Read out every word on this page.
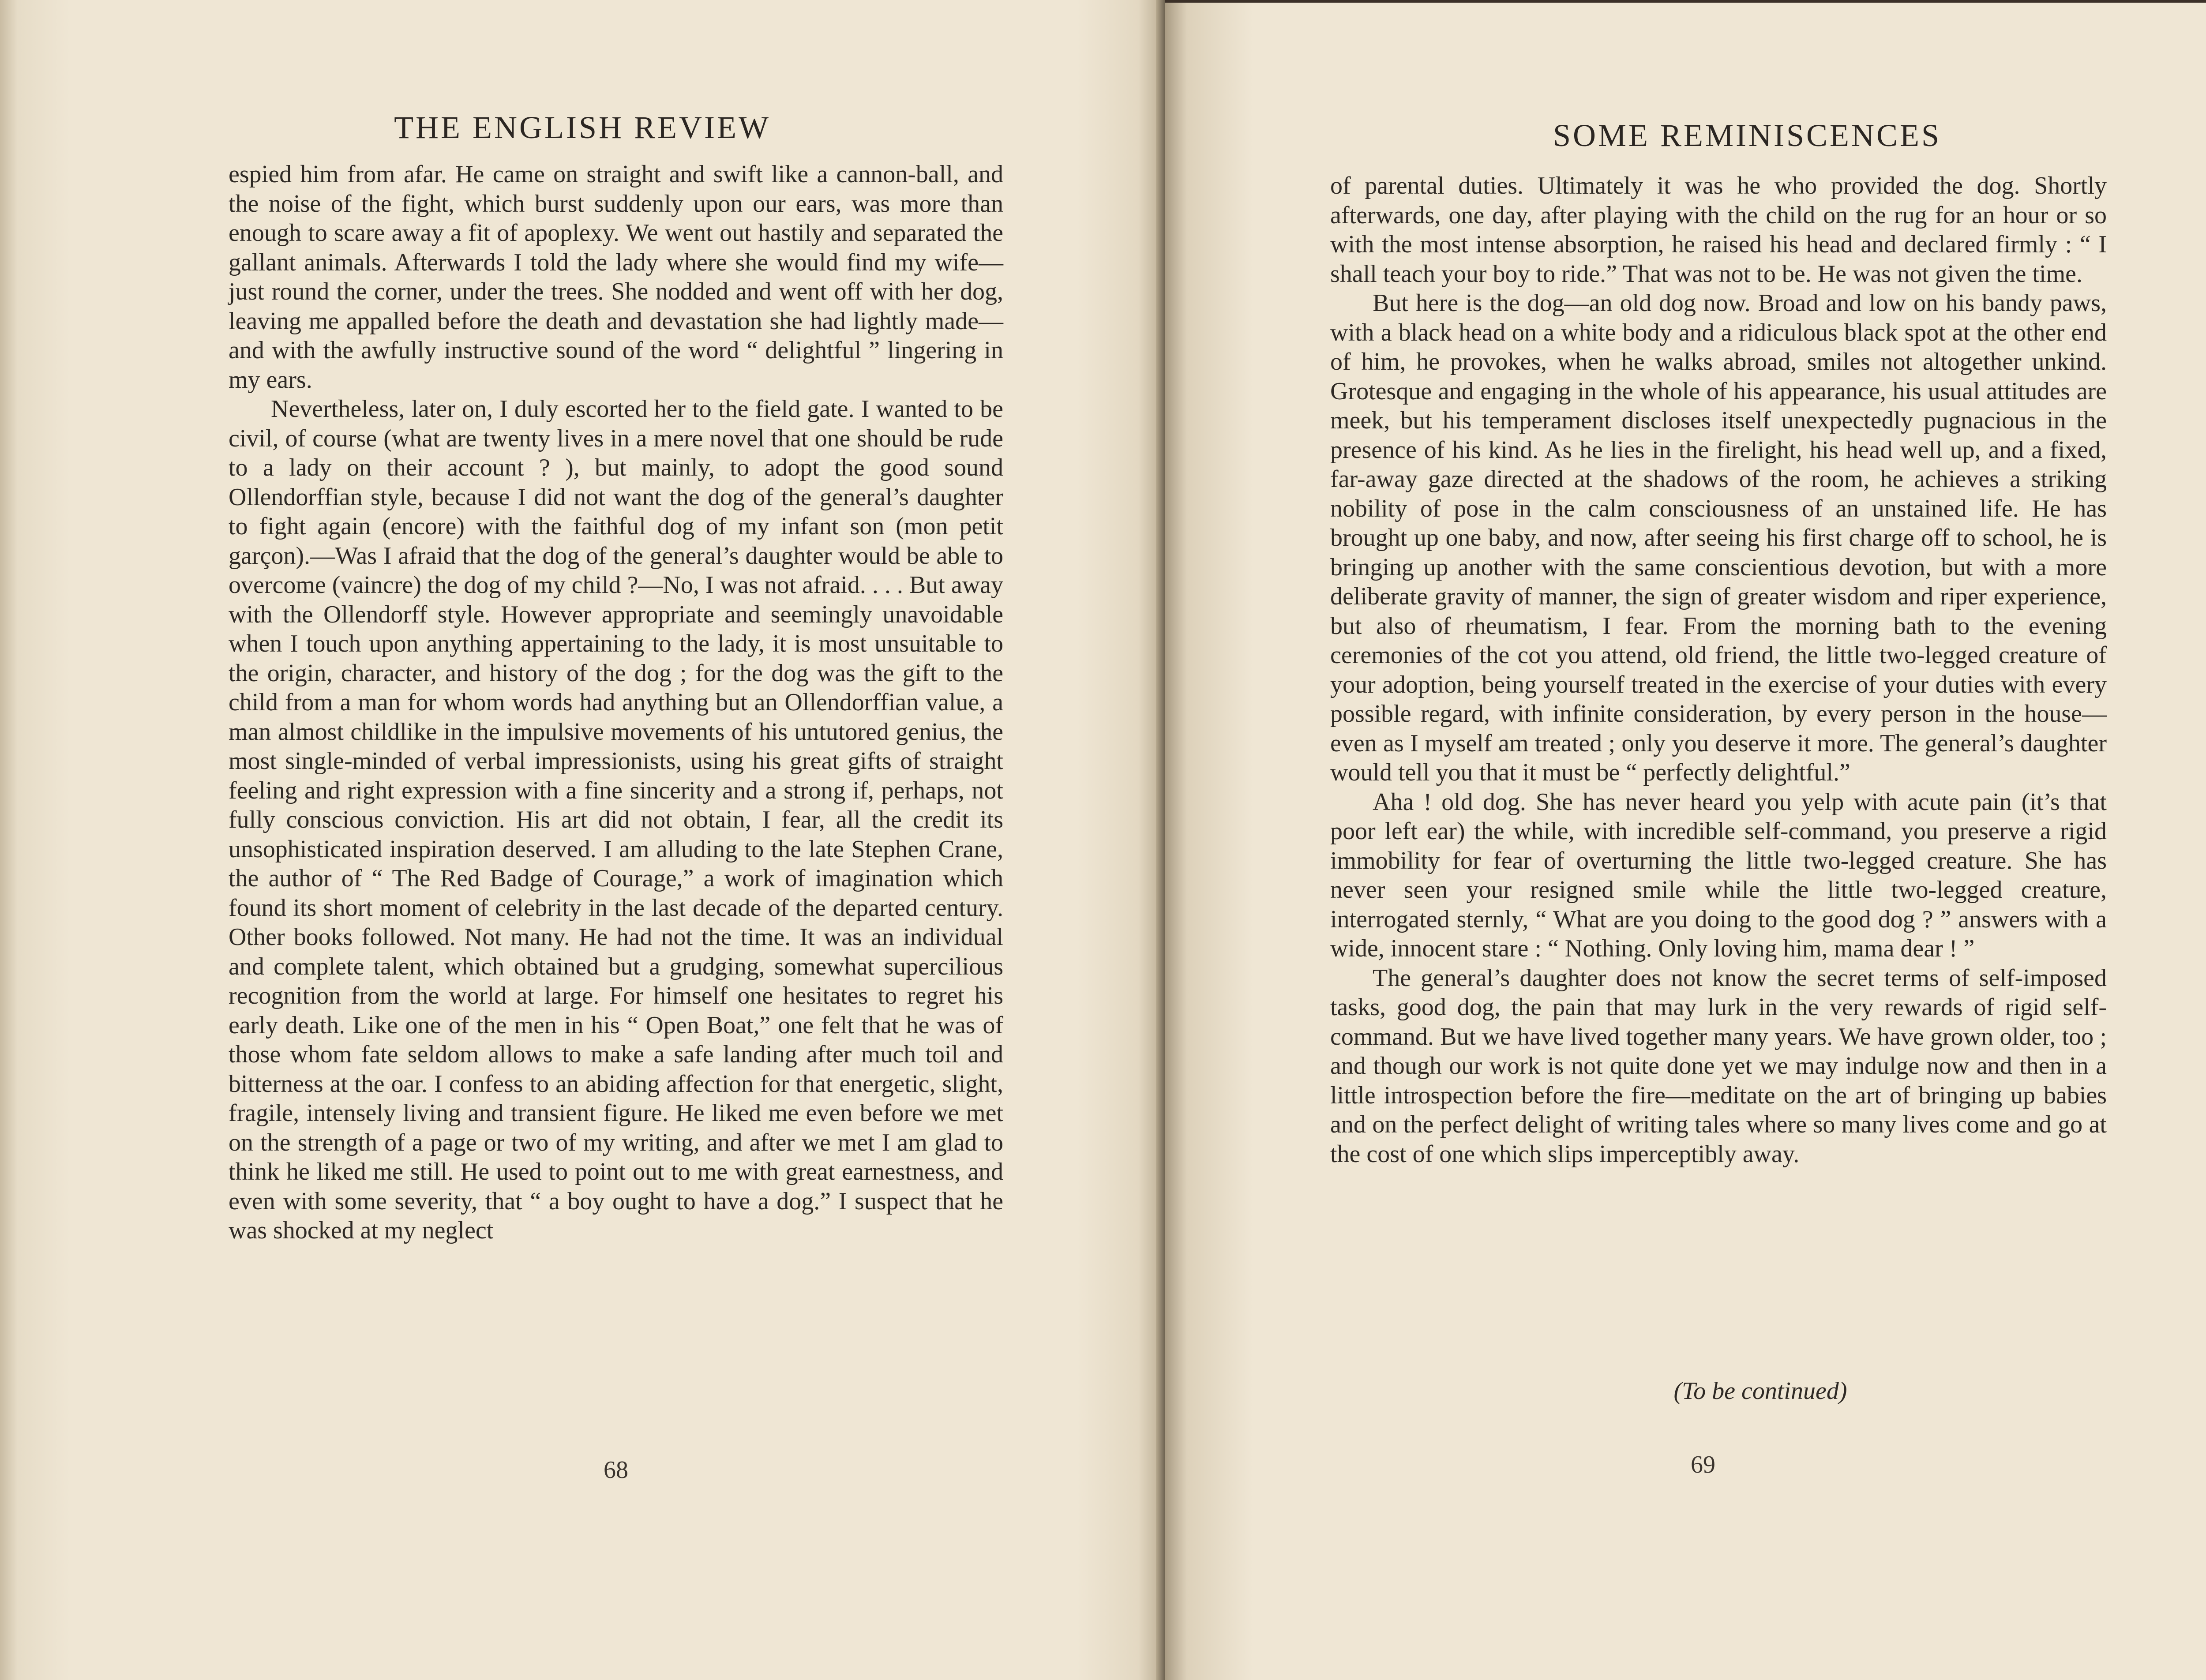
THE ENGLISH REVIEW

espied him from afar. He came on straight and swift like a cannon-ball, and the noise of the fight, which burst suddenly upon our ears, was more than enough to scare away a fit of apoplexy. We went out hastily and separated the gallant animals. Afterwards I told the lady where she would find my wife—just round the corner, under the trees. She nodded and went off with her dog, leaving me appalled before the death and devastation she had lightly made—and with the awfully instructive sound of the word “ delightful ” lingering in my ears.

Nevertheless, later on, I duly escorted her to the field gate. I wanted to be civil, of course (what are twenty lives in a mere novel that one should be rude to a lady on their account ? ), but mainly, to adopt the good sound Ollendorffian style, because I did not want the dog of the general’s daughter to fight again (encore) with the faithful dog of my infant son (mon petit garçon).—Was I afraid that the dog of the general’s daughter would be able to overcome (vaincre) the dog of my child ?—No, I was not afraid. . . . But away with the Ollendorff style. However appropriate and seemingly unavoidable when I touch upon anything appertaining to the lady, it is most unsuitable to the origin, character, and history of the dog ; for the dog was the gift to the child from a man for whom words had anything but an Ollendorffian value, a man almost childlike in the impulsive movements of his untutored genius, the most single-minded of verbal impressionists, using his great gifts of straight feeling and right expression with a fine sincerity and a strong if, perhaps, not fully conscious conviction. His art did not obtain, I fear, all the credit its unsophisticated inspiration deserved. I am alluding to the late Stephen Crane, the author of “ The Red Badge of Courage,” a work of imagination which found its short moment of celebrity in the last decade of the departed century. Other books followed. Not many. He had not the time. It was an individual and complete talent, which obtained but a grudging, somewhat supercilious recognition from the world at large. For himself one hesitates to regret his early death. Like one of the men in his “ Open Boat,” one felt that he was of those whom fate seldom allows to make a safe landing after much toil and bitterness at the oar. I confess to an abiding affection for that energetic, slight, fragile, intensely living and transient figure. He liked me even before we met on the strength of a page or two of my writing, and after we met I am glad to think he liked me still. He used to point out to me with great earnestness, and even with some severity, that “ a boy ought to have a dog.” I suspect that he was shocked at my neglect

68
SOME REMINISCENCES

of parental duties. Ultimately it was he who provided the dog. Shortly afterwards, one day, after playing with the child on the rug for an hour or so with the most intense absorption, he raised his head and declared firmly : “ I shall teach your boy to ride.” That was not to be. He was not given the time.

But here is the dog—an old dog now. Broad and low on his bandy paws, with a black head on a white body and a ridiculous black spot at the other end of him, he provokes, when he walks abroad, smiles not altogether unkind. Grotesque and engaging in the whole of his appearance, his usual attitudes are meek, but his temperament discloses itself unexpectedly pugnacious in the presence of his kind. As he lies in the firelight, his head well up, and a fixed, far-away gaze directed at the shadows of the room, he achieves a striking nobility of pose in the calm consciousness of an unstained life. He has brought up one baby, and now, after seeing his first charge off to school, he is bringing up another with the same conscientious devotion, but with a more deliberate gravity of manner, the sign of greater wisdom and riper experience, but also of rheumatism, I fear. From the morning bath to the evening ceremonies of the cot you attend, old friend, the little two-legged creature of your adoption, being yourself treated in the exercise of your duties with every possible regard, with infinite consideration, by every person in the house—even as I myself am treated ; only you deserve it more. The general’s daughter would tell you that it must be “ perfectly delightful.”

Aha ! old dog. She has never heard you yelp with acute pain (it’s that poor left ear) the while, with incredible self-command, you preserve a rigid immobility for fear of overturning the little two-legged creature. She has never seen your resigned smile while the little two-legged creature, interrogated sternly, “ What are you doing to the good dog ? ” answers with a wide, innocent stare : “ Nothing. Only loving him, mama dear ! ”

The general’s daughter does not know the secret terms of self-imposed tasks, good dog, the pain that may lurk in the very rewards of rigid self-command. But we have lived together many years. We have grown older, too ; and though our work is not quite done yet we may indulge now and then in a little introspection before the fire—meditate on the art of bringing up babies and on the perfect delight of writing tales where so many lives come and go at the cost of one which slips imperceptibly away.

(To be continued)
69
